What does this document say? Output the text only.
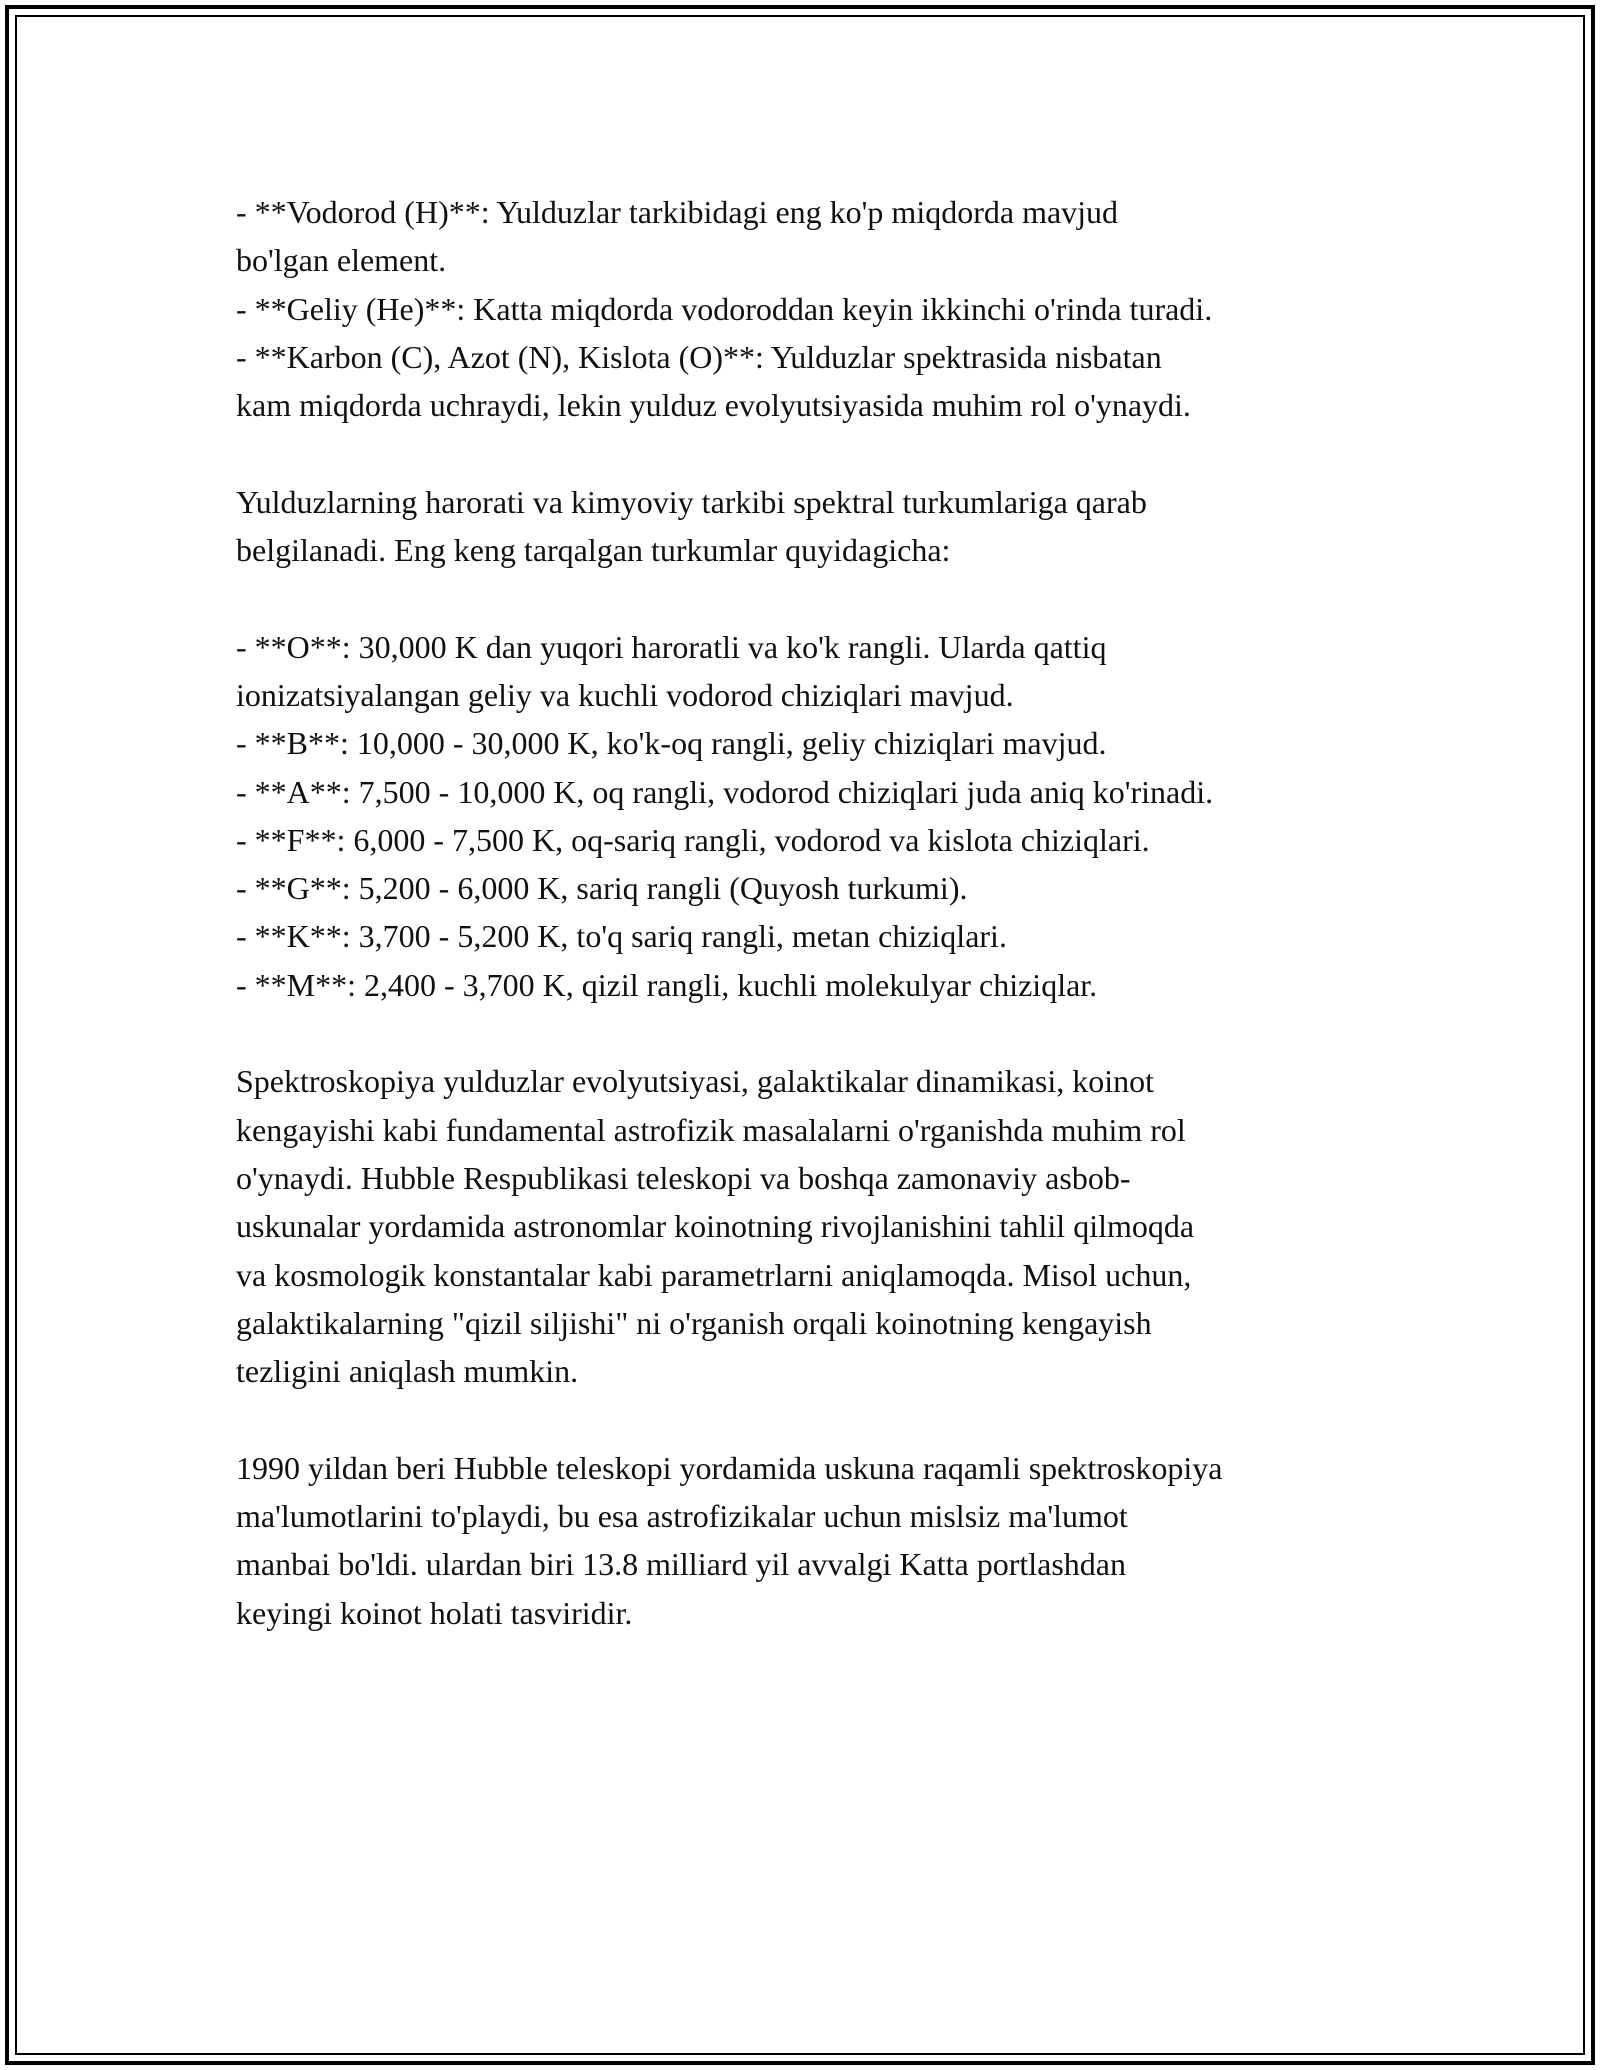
- **Vodorod (H)**: Yulduzlar tarkibidagi eng ko'p miqdorda mavjud
bo'lgan element.
- **Geliy (He)**: Katta miqdorda vodoroddan keyin ikkinchi o'rinda turadi.
- **Karbon (C), Azot (N), Kislota (O)**: Yulduzlar spektrasida nisbatan
kam miqdorda uchraydi, lekin yulduz evolyutsiyasida muhim rol o'ynaydi.
Yulduzlarning harorati va kimyoviy tarkibi spektral turkumlariga qarab
belgilanadi. Eng keng tarqalgan turkumlar quyidagicha:
- **O**: 30,000 K dan yuqori haroratli va ko'k rangli. Ularda qattiq
ionizatsiyalangan geliy va kuchli vodorod chiziqlari mavjud.
- **B**: 10,000 - 30,000 K, ko'k-oq rangli, geliy chiziqlari mavjud.
- **A**: 7,500 - 10,000 K, oq rangli, vodorod chiziqlari juda aniq ko'rinadi.
- **F**: 6,000 - 7,500 K, oq-sariq rangli, vodorod va kislota chiziqlari.
- **G**: 5,200 - 6,000 K, sariq rangli (Quyosh turkumi).
- **K**: 3,700 - 5,200 K, to'q sariq rangli, metan chiziqlari.
- **M**: 2,400 - 3,700 K, qizil rangli, kuchli molekulyar chiziqlar.
Spektroskopiya yulduzlar evolyutsiyasi, galaktikalar dinamikasi, koinot
kengayishi kabi fundamental astrofizik masalalarni o'rganishda muhim rol
o'ynaydi. Hubble Respublikasi teleskopi va boshqa zamonaviy asbob-
uskunalar yordamida astronomlar koinotning rivojlanishini tahlil qilmoqda
va kosmologik konstantalar kabi parametrlarni aniqlamoqda. Misol uchun,
galaktikalarning "qizil siljishi" ni o'rganish orqali koinotning kengayish
tezligini aniqlash mumkin.
1990 yildan beri Hubble teleskopi yordamida uskuna raqamli spektroskopiya
ma'lumotlarini to'playdi, bu esa astrofizikalar uchun mislsiz ma'lumot
manbai bo'ldi. ulardan biri 13.8 milliard yil avvalgi Katta portlashdan
keyingi koinot holati tasviridir.
